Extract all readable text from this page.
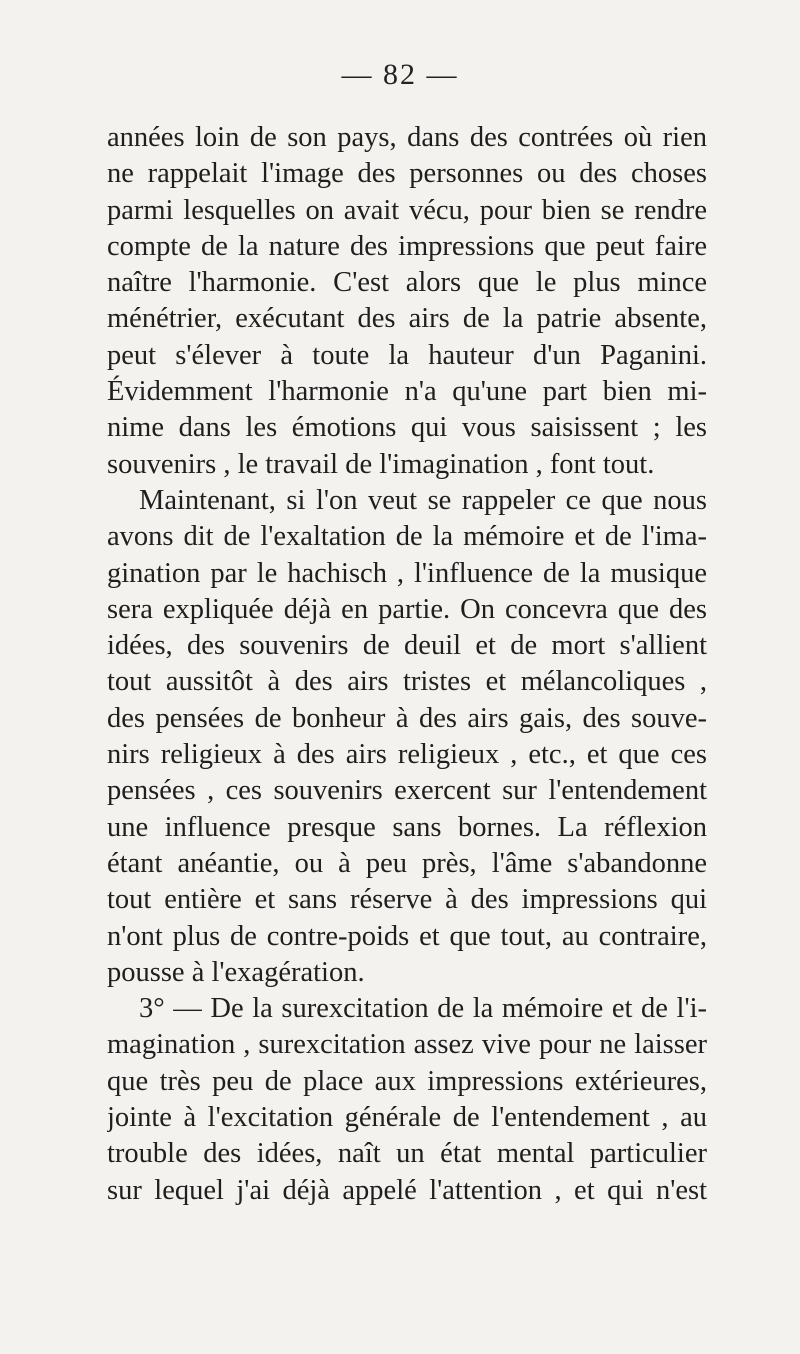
— 82 —
années loin de son pays, dans des contrées où rien
ne rappelait l'image des personnes ou des choses
parmi lesquelles on avait vécu, pour bien se rendre
compte de la nature des impressions que peut faire
naître l'harmonie. C'est alors que le plus mince
ménétrier, exécutant des airs de la patrie absente,
peut s'élever à toute la hauteur d'un Paganini.
Évidemment l'harmonie n'a qu'une part bien mi-
nime dans les émotions qui vous saisissent ; les
souvenirs , le travail de l'imagination , font tout.
Maintenant, si l'on veut se rappeler ce que nous
avons dit de l'exaltation de la mémoire et de l'ima-
gination par le hachisch , l'influence de la musique
sera expliquée déjà en partie. On concevra que des
idées, des souvenirs de deuil et de mort s'allient
tout aussitôt à des airs tristes et mélancoliques ,
des pensées de bonheur à des airs gais, des souve-
nirs religieux à des airs religieux , etc., et que ces
pensées , ces souvenirs exercent sur l'entendement
une influence presque sans bornes. La réflexion
étant anéantie, ou à peu près, l'âme s'abandonne
tout entière et sans réserve à des impressions qui
n'ont plus de contre-poids et que tout, au contraire,
pousse à l'exagération.
3° — De la surexcitation de la mémoire et de l'i-
magination , surexcitation assez vive pour ne laisser
que très peu de place aux impressions extérieures,
jointe à l'excitation générale de l'entendement , au
trouble des idées, naît un état mental particulier
sur lequel j'ai déjà appelé l'attention , et qui n'est
